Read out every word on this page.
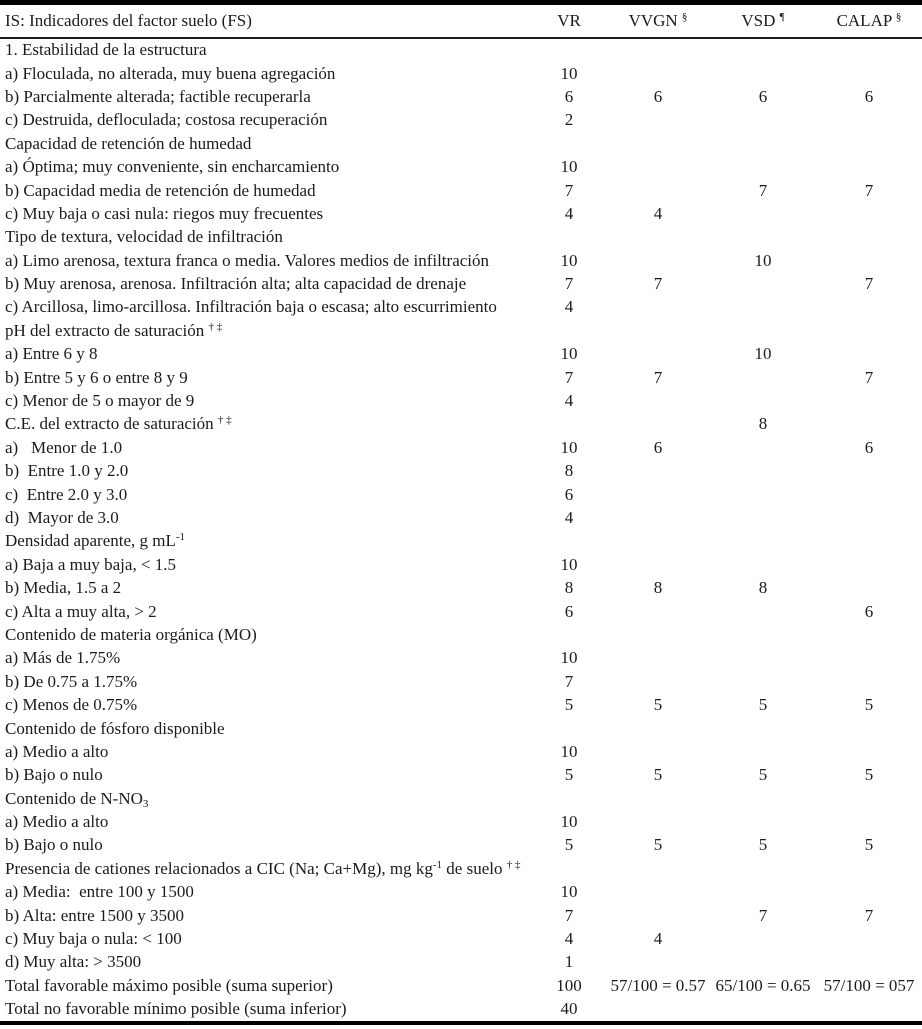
IS: Indicadores del factor suelo (FS)	VR	VVGN §	VSD ¶	CALAP §
1. Estabilidad de la estructura				
a) Floculada, no alterada, muy buena agregación	10			
b) Parcialmente alterada; factible recuperarla	6	6	6	6
c) Destruida, defloculada; costosa recuperación	2			
Capacidad de retención de humedad				
a) Óptima; muy conveniente, sin encharcamiento	10			
b) Capacidad media de retención de humedad	7		7	7
c) Muy baja o casi nula: riegos muy frecuentes	4	4		
Tipo de textura, velocidad de infiltración				
a) Limo arenosa, textura franca o media. Valores medios de infiltración	10		10	
b) Muy arenosa, arenosa. Infiltración alta; alta capacidad de drenaje	7	7		7
c) Arcillosa, limo-arcillosa. Infiltración baja o escasa; alto escurrimiento	4			
pH del extracto de saturación † ‡				
a) Entre 6 y 8	10		10	
b) Entre 5 y 6 o entre 8 y 9	7	7		7
c) Menor de 5 o mayor de 9	4			
C.E. del extracto de saturación † ‡			8	
a)   Menor de 1.0	10	6		6
b)  Entre 1.0 y 2.0	8			
c)  Entre 2.0 y 3.0	6			
d)  Mayor de 3.0	4			
Densidad aparente, g $mL^{-1}$				
a) Baja a muy baja, < 1.5	10			
b) Media, 1.5 a 2	8	8	8	
c) Alta a muy alta, > 2	6			6
Contenido de materia orgánica (MO)				
a) Más de 1.75%	10			
b) De 0.75 a 1.75%	7			
c) Menos de 0.75%	5	5	5	5
Contenido de fósforo disponible				
a) Medio a alto	10			
b) Bajo o nulo	5	5	5	5
Contenido de $N-NO_3$				
a) Medio a alto	10			
b) Bajo o nulo	5	5	5	5
Presencia de cationes relacionados a CIC (Na; Ca+Mg), mg $kg^{-1}$ de suelo † ‡				
a) Media:  entre 100 y 1500	10			
b) Alta: entre 1500 y 3500	7		7	7
c) Muy baja o nula: < 100	4	4		
d) Muy alta: > 3500	1			
Total favorable máximo posible (suma superior)	100	57/100 = 0.57	65/100 = 0.65	57/100 = 057
Total no favorable mínimo posible (suma inferior)	40			
